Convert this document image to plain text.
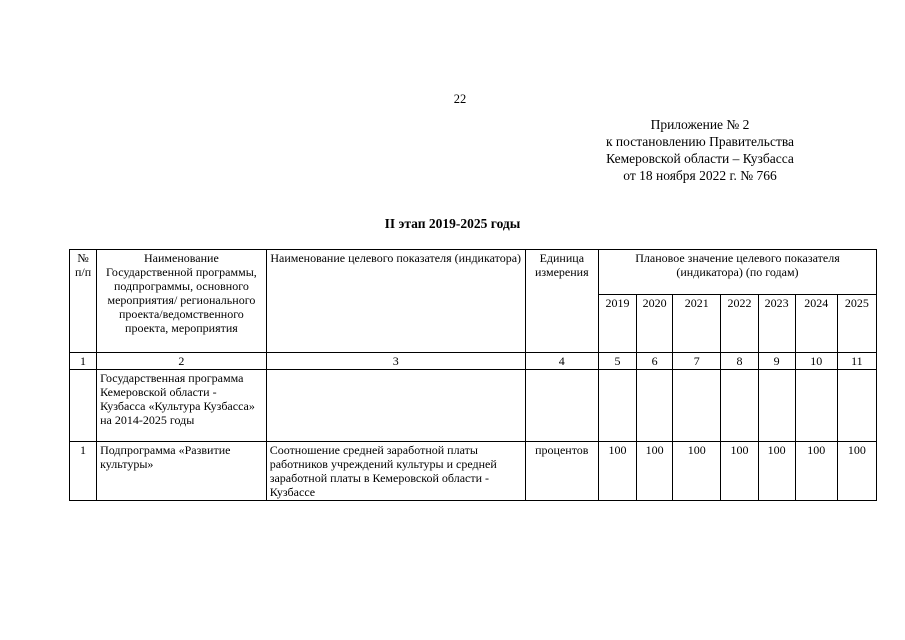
22
Приложение № 2
к постановлению Правительства
Кемеровской области – Кузбасса
от 18 ноября 2022 г. № 766
II этап 2019-2025 годы
№ п/п	Наименование Государственной программы, подпрограммы, основного мероприятия/ регионального проекта/ведомственного проекта, мероприятия	Наименование целевого показателя (индикатора)	Единица измерения	Плановое значение целевого показателя (индикатора) (по годам)						
				2019	2020	2021	2022	2023	2024	2025
1	2	3	4	5	6	7	8	9	10	11
	Государственная программа Кемеровской области - Кузбасса «Культура Кузбасса» на 2014-2025 годы									
1	Подпрограмма «Развитие культуры»	Соотношение средней заработной платы работников учреждений культуры и средней заработной платы в Кемеровской области - Кузбассе	процентов	100	100	100	100	100	100	100
